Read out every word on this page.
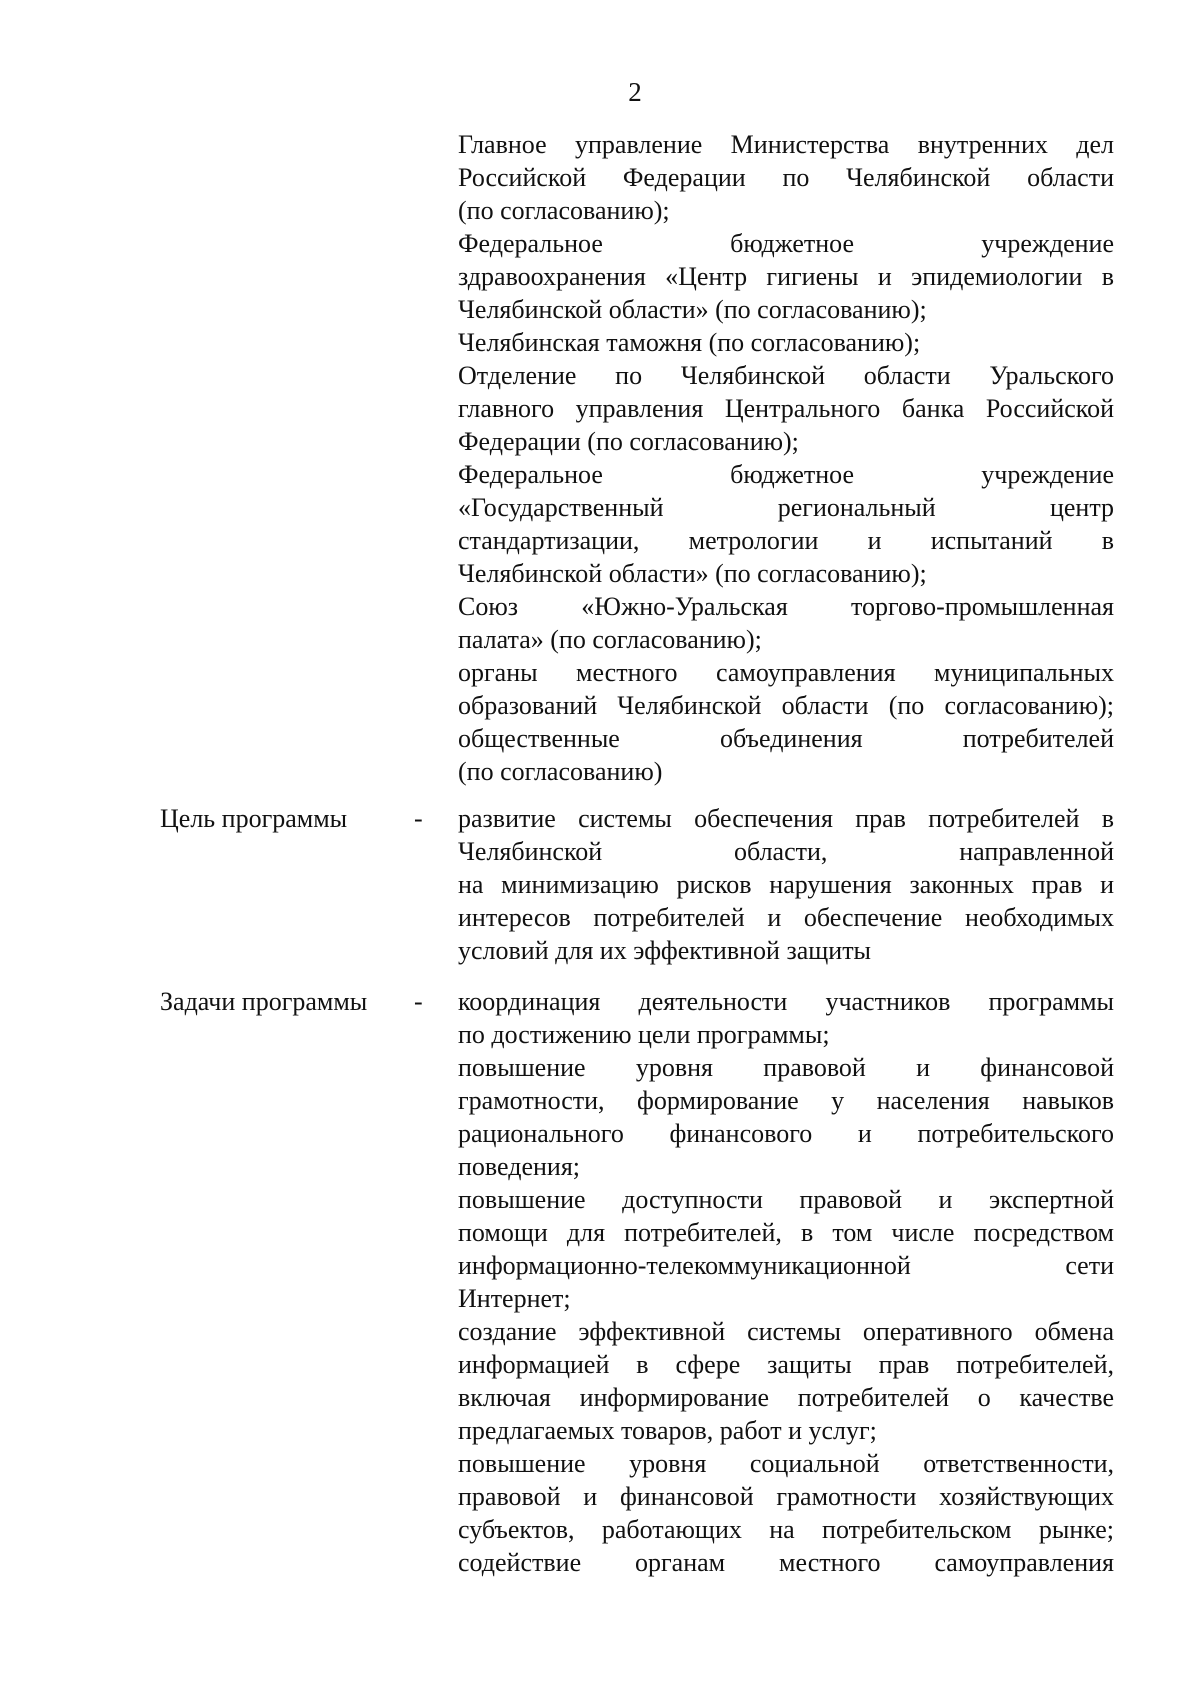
2
Главное управление Министерства внутренних дел
Российской Федерации по Челябинской области
(по согласованию);
Федеральное бюджетное учреждение
здравоохранения «Центр гигиены и эпидемиологии в
Челябинской области» (по согласованию);
Челябинская таможня (по согласованию);
Отделение по Челябинской области Уральского
главного управления Центрального банка Российской
Федерации (по согласованию);
Федеральное бюджетное учреждение
«Государственный региональный центр
стандартизации, метрологии и испытаний в
Челябинской области» (по согласованию);
Союз «Южно-Уральская торгово-промышленная
палата» (по согласованию);
органы местного самоуправления муниципальных
образований Челябинской области (по согласованию);
общественные объединения потребителей
(по согласованию)
Цель программы	- развитие системы обеспечения прав потребителей в
Челябинской области, направленной
на минимизацию рисков нарушения законных прав и
интересов потребителей и обеспечение необходимых
условий для их эффективной защиты
Задачи программы - координация деятельности участников программы
по достижению цели программы;
повышение уровня правовой и финансовой
грамотности, формирование у населения навыков
рационального финансового и потребительского
поведения;
повышение доступности правовой и экспертной
помощи для потребителей, в том числе посредством
информационно-телекоммуникационной сети
Интернет;
создание эффективной системы оперативного обмена
информацией в сфере защиты прав потребителей,
включая информирование потребителей о качестве
предлагаемых товаров, работ и услуг;
повышение уровня социальной ответственности,
правовой и финансовой грамотности хозяйствующих
субъектов, работающих на потребительском рынке;
содействие органам местного самоуправления
